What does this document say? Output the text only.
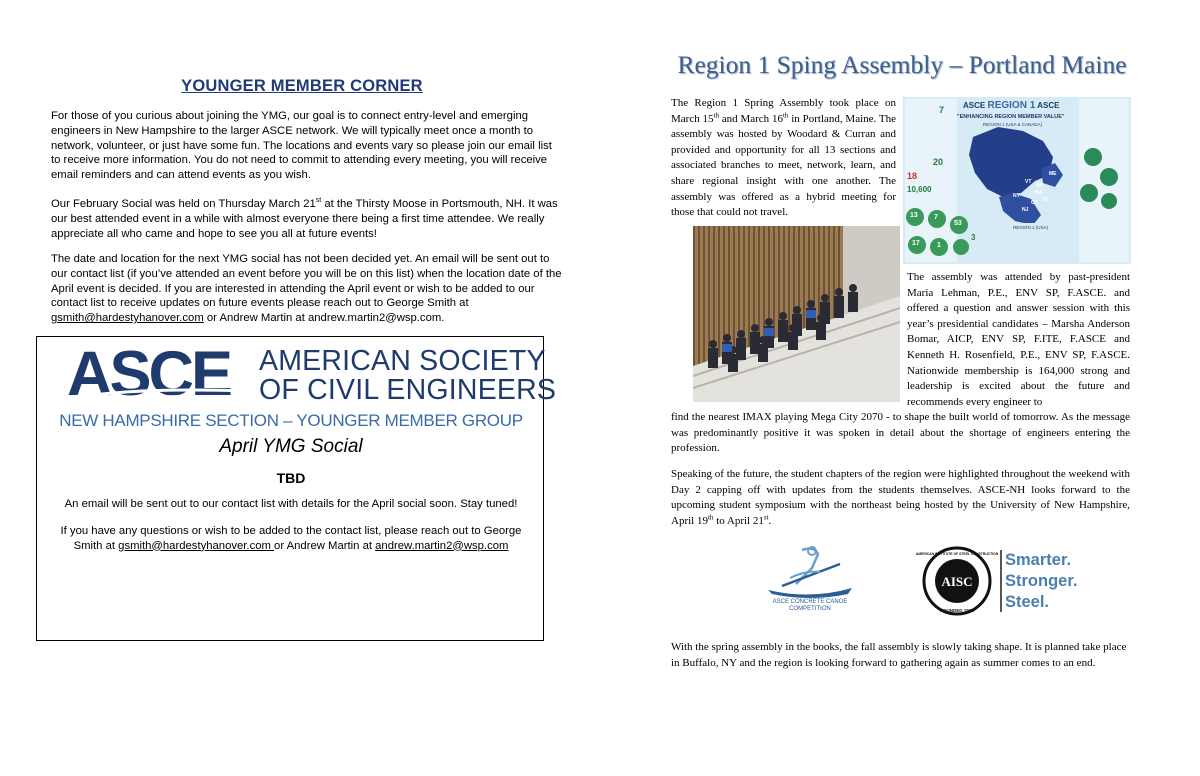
YOUNGER MEMBER CORNER

For those of you curious about joining the YMG, our goal is to connect entry-level and emerging engineers in New Hampshire to the larger ASCE network. We will typically meet once a month to network, volunteer, or just have some fun. The locations and events vary so please join our email list to receive more information. You do not need to commit to attending every meeting, you will receive email reminders and can attend events as you wish.

Our February Social was held on Thursday March 21st at the Thirsty Moose in Portsmouth, NH. It was our best attended event in a while with almost everyone there being a first time attendee. We really appreciate all who came and hope to see you all at future events!

The date and location for the next YMG social has not been decided yet. An email will be sent out to our contact list (if you’ve attended an event before you will be on this list) when the location date of the April event is decided. If you are interested in attending the April event or wish to be added to our contact list to receive updates on future events please reach out to George Smith at gsmith@hardestyhanover.com or Andrew Martin at andrew.martin2@wsp.com.

ASCE AMERICAN SOCIETY
OF CIVIL ENGINEERS
NEW HAMPSHIRE SECTION – YOUNGER MEMBER GROUP
April YMG Social
TBD
An email will be sent out to our contact list with details for the April social soon. Stay tuned!
If you have any questions or wish to be added to the contact list, please reach out to George Smith at gsmith@hardestyhanover.com or Andrew Martin at andrew.martin2@wsp.com
Region 1 Sping Assembly – Portland Maine

The Region 1 Spring Assembly took place on March 15th and March 16th in Portland, Maine. The assembly was hosted by Woodard & Curran and provided and opportunity for all 13 sections and associated branches to meet, network, learn, and share regional insight with one another. The assembly was offered as a hybrid meeting for those that could not travel.

ASCE REGION 1 ASCE
"ENHANCING REGION MEMBER VALUE"
REGION 1 (USA & CANADA)
REGION 1 (USA)
7
20
18
10,600
13 7
53
17 1
3
ME
VT
NH
MA
NY
CT
NJ
RI

The assembly was attended by past-president Maria Lehman, P.E., ENV SP, F.ASCE. and offered a question and answer session with this year’s presidential candidates – Marsha Anderson Bomar, AICP, ENV SP, F.ITE, F.ASCE and Kenneth H. Rosenfield, P.E., ENV SP, F.ASCE. Nationwide membership is 164,000 strong and leadership is excited about the future and recommends every engineer to

find the nearest IMAX playing Mega City 2070 - to shape the built world of tomorrow. As the message was predominantly positive it was spoken in detail about the shortage of engineers entering the profession.

Speaking of the future, the student chapters of the region were highlighted throughout the weekend with Day 2 capping off with updates from the students themselves. ASCE-NH looks forward to the upcoming student symposium with the northeast being hosted by the University of New Hampshire, April 19th to April 21st.

ASCE CONCRETE CANOE
COMPETITION
AISC
FOUNDED 1921
AMERICAN INSTITUTE OF STEEL CONSTRUCTION Smarter.
Stronger.
Steel.

With the spring assembly in the books, the fall assembly is slowly taking shape. It is planned take place in Buffalo, NY and the region is looking forward to gathering again as summer comes to an end.
